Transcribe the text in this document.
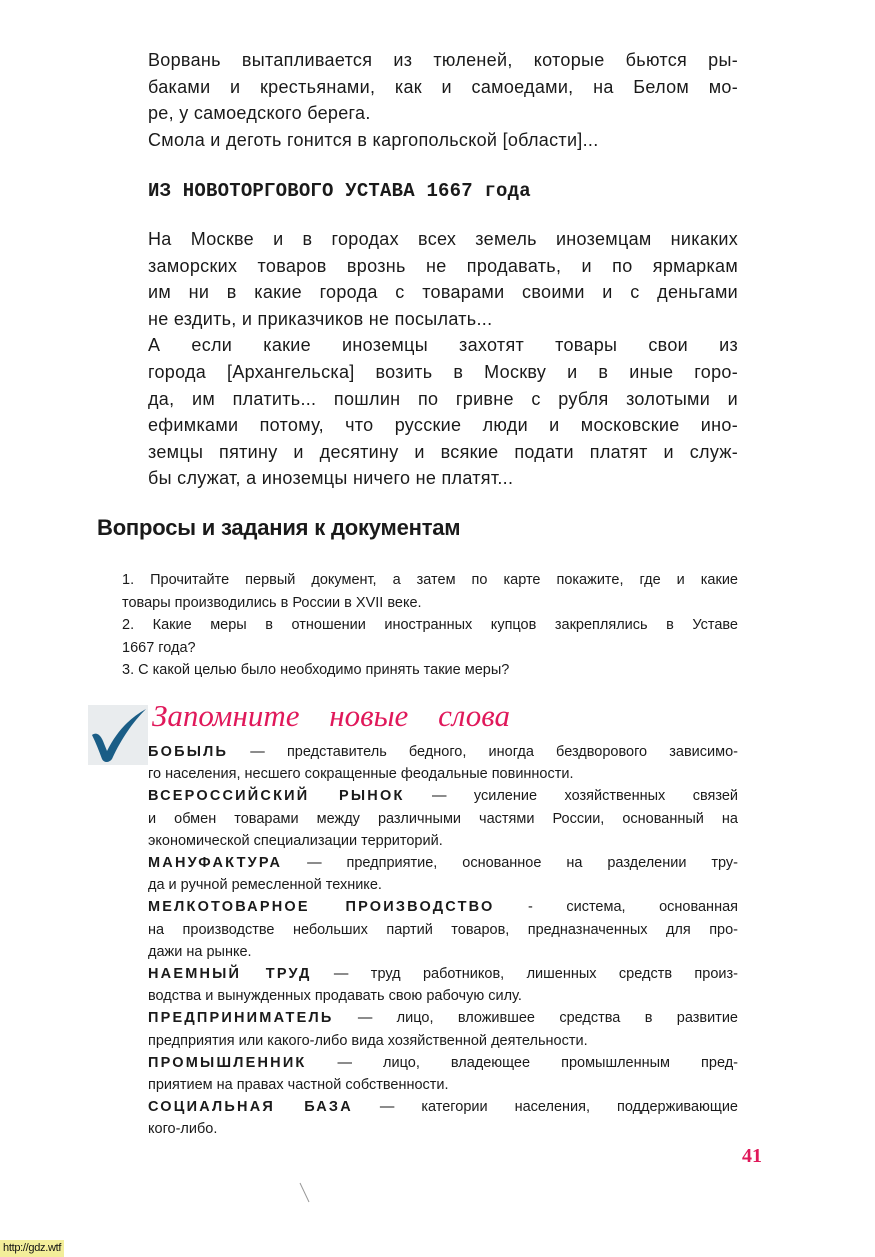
Ворвань вытапливается из тюленей, которые бьются ры-
баками и крестьянами, как и самоедами, на Белом мо-
ре, у самоедского берега.
Смола и деготь гонится в каргопольской [области]...
ИЗ НОВОТОРГОВОГО УСТАВА 1667 года
На Москве и в городах всех земель иноземцам никаких
заморских товаров врознь не продавать, и по ярмаркам
им ни в какие города с товарами своими и с деньгами
не ездить, и приказчиков не посылать...
А если какие иноземцы захотят товары свои из
города [Архангельска] возить в Москву и в иные горо-
да, им платить... пошлин по гривне с рубля золотыми и
ефимками потому, что русские люди и московские ино-
земцы пятину и десятину и всякие подати платят и служ-
бы служат, а иноземцы ничего не платят...
Вопросы и задания к документам
1. Прочитайте первый документ, а затем по карте покажите, где и какие
товары производились в России в XVII веке.
2. Какие меры в отношении иностранных купцов закреплялись в Уставе
1667 года?
3. С какой целью было необходимо принять такие меры?
Запомните новые слова
БОБЫЛЬ — представитель бедного, иногда бездворового зависимо-
го населения, несшего сокращенные феодальные повинности.
ВСЕРОССИЙСКИЙ РЫНОК — усиление хозяйственных связей
и обмен товарами между различными частями России, основанный на
экономической специализации территорий.
МАНУФАКТУРА — предприятие, основанное на разделении тру-
да и ручной ремесленной технике.
МЕЛКОТОВАРНОЕ ПРОИЗВОДСТВО - система, основанная
на производстве небольших партий товаров, предназначенных для про-
дажи на рынке.
НАЕМНЫЙ ТРУД — труд работников, лишенных средств произ-
водства и вынужденных продавать свою рабочую силу.
ПРЕДПРИНИМАТЕЛЬ — лицо, вложившее средства в развитие
предприятия или какого-либо вида хозяйственной деятельности.
ПРОМЫШЛЕННИК — лицо, владеющее промышленным пред-
приятием на правах частной собственности.
СОЦИАЛЬНАЯ БАЗА — категории населения, поддерживающие
кого-либо.
41
http://gdz.wtf
